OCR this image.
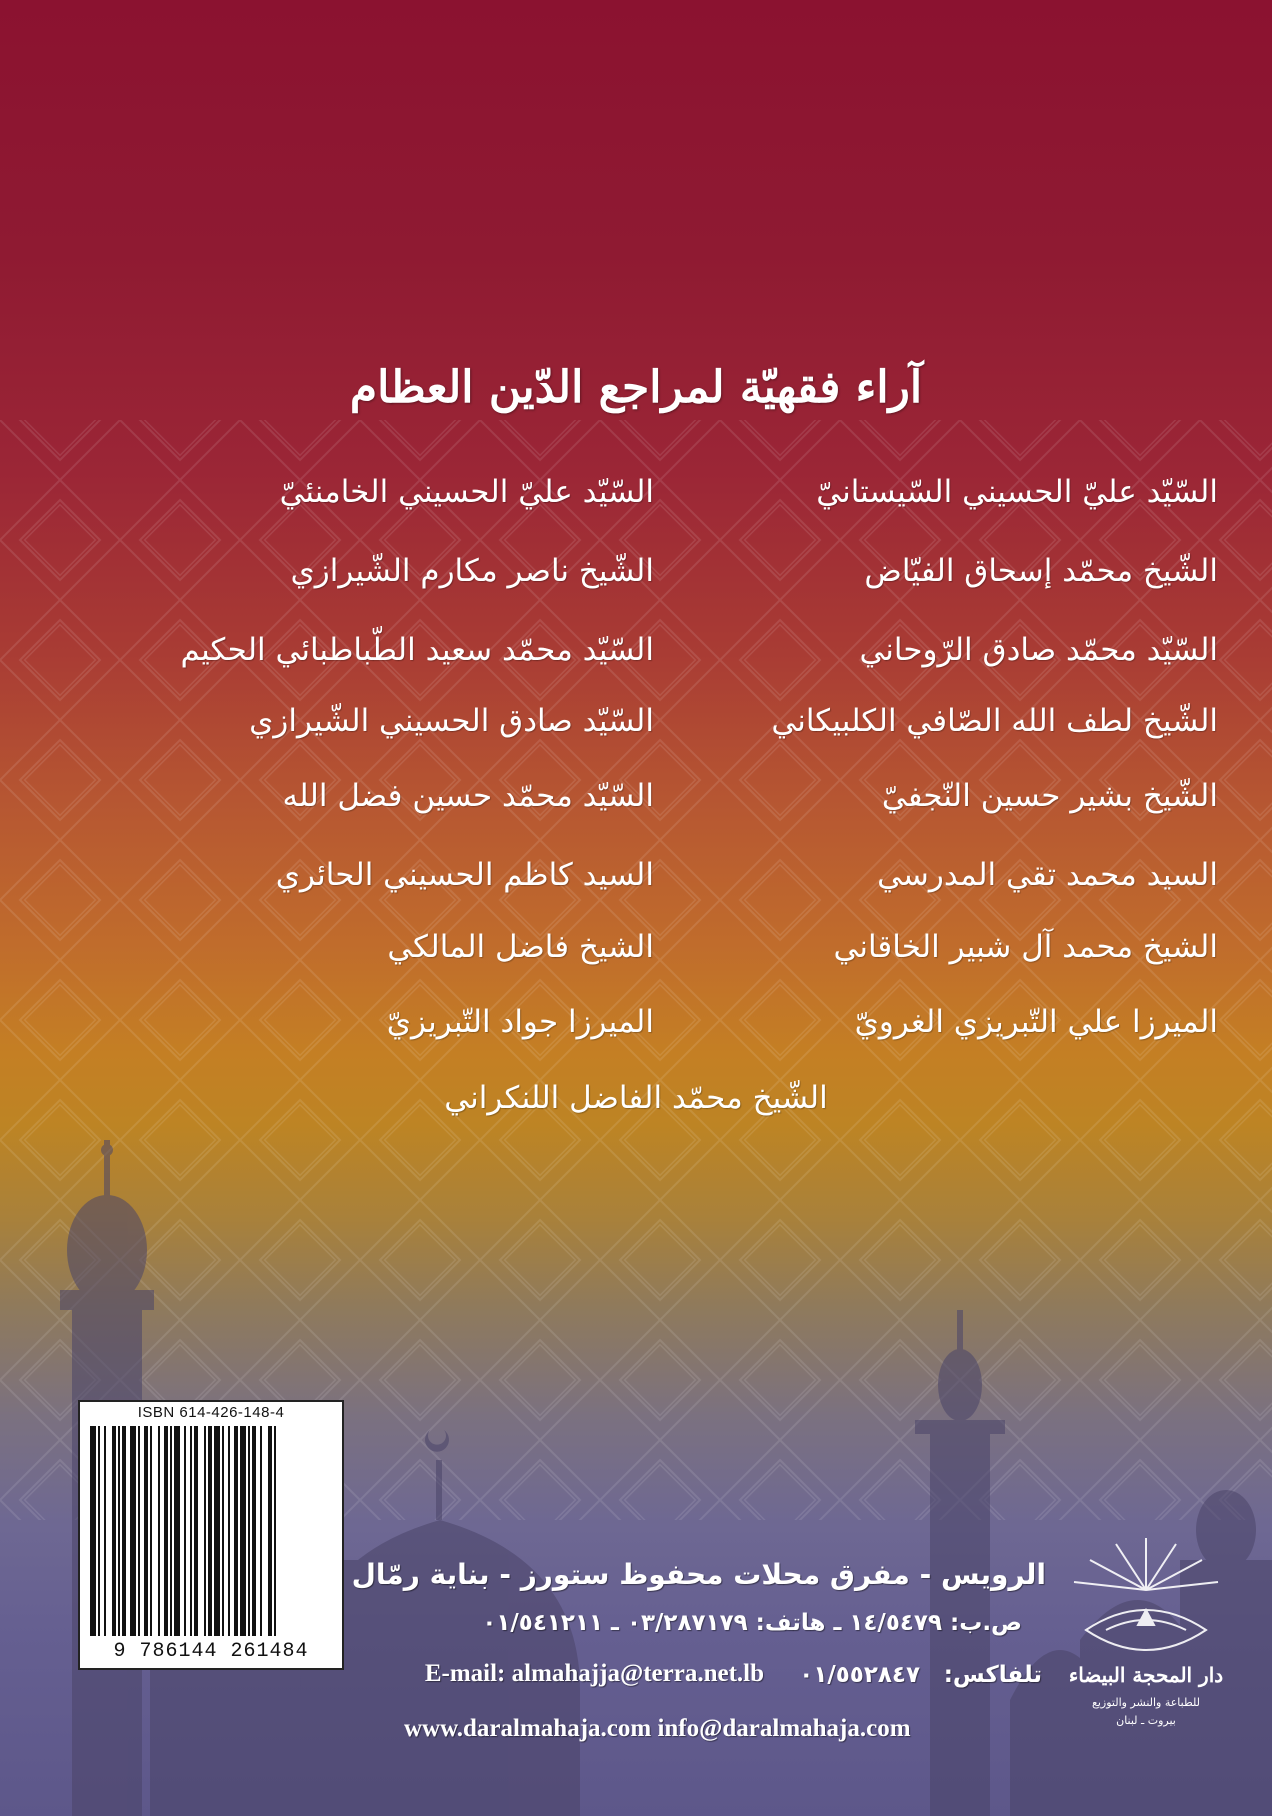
آراء فقهيّة لمراجع الدّين العظام
السّيّد عليّ الحسيني السّيستانيّ
الشّيخ محمّد إسحاق الفيّاض
السّيّد محمّد صادق الرّوحاني
الشّيخ لطف الله الصّافي الكلبيكاني
الشّيخ بشير حسين النّجفيّ
السيد محمد تقي المدرسي
الشيخ محمد آل شبير الخاقاني
الميرزا علي التّبريزي الغرويّ
السّيّد عليّ الحسيني الخامنئيّ
الشّيخ ناصر مكارم الشّيرازي
السّيّد محمّد سعيد الطّباطبائي الحكيم
السّيّد صادق الحسيني الشّيرازي
السّيّد محمّد حسين فضل الله
السيد كاظم الحسيني الحائري
الشيخ فاضل المالكي
الميرزا جواد التّبريزيّ
الشّيخ محمّد الفاضل اللنكراني
ISBN 614-426-148-4
9 786144 261484
الرويس - مفرق محلات محفوظ ستورز - بناية رمّال
ص.ب: ١٤/٥٤٧٩ ـ هاتف: ٠٣/٢٨٧١٧٩ ـ ٠١/٥٤١٢١١
تلفاكس:
٠١/٥٥٢٨٤٧
E-mail: almahajja@terra.net.lb
www.daralmahaja.com info@daralmahaja.com
دار المحجة البيضاء
للطباعة والنشر والتوزيع
بيروت ـ لبنان
